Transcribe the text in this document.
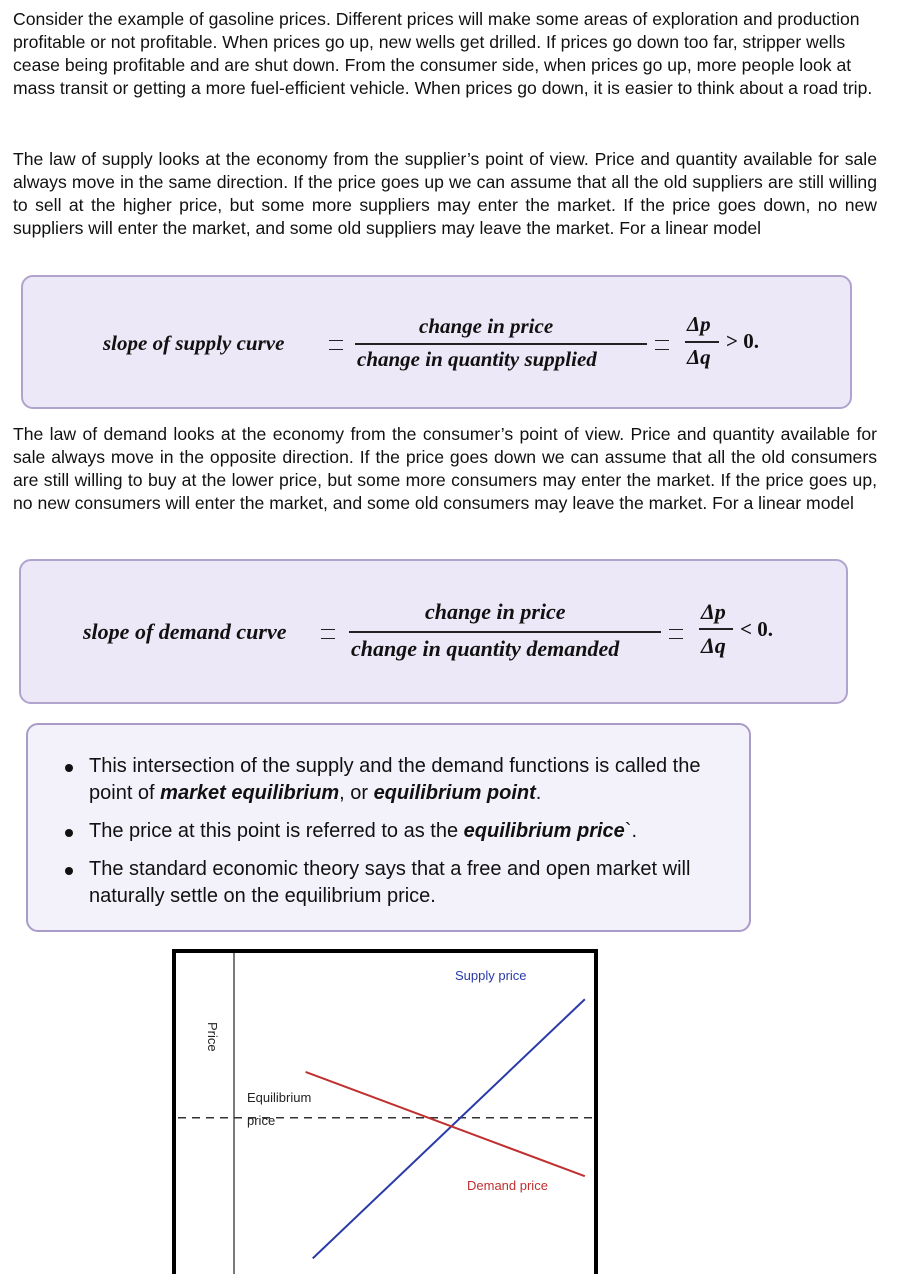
Consider the example of gasoline prices. Different prices will make some areas of exploration and production profitable or not profitable. When prices go up, new wells get drilled. If prices go down too far, stripper wells cease being profitable and are shut down. From the consumer side, when prices go up, more people look at mass transit or getting a more fuel-efficient vehicle. When prices go down, it is easier to think about a road trip.

The law of supply looks at the economy from the supplier’s point of view. Price and quantity available for sale always move in the same direction. If the price goes up we can assume that all the old suppliers are still willing to sell at the higher price, but some more suppliers may enter the market. If the price goes down, no new suppliers will enter the market, and some old suppliers may leave the market. For a linear model

slope of supply curve
change in price
change in quantity supplied
Δp
Δq
> 0.

The law of demand looks at the economy from the consumer’s point of view. Price and quantity available for sale always move in the opposite direction. If the price goes down we can assume that all the old consumers are still willing to buy at the lower price, but some more consumers may enter the market. If the price goes up, no new consumers will enter the market, and some old consumers may leave the market. For a linear model

slope of demand curve
change in price
change in quantity demanded
Δp
Δq
< 0.
This intersection of the supply and the demand functions is called the point of market equilibrium, or equilibrium point.
The price at this point is referred to as the equilibrium price`.
The standard economic theory says that a free and open market will naturally settle on the equilibrium price.
Price
Supply price
Demand price
Equilibrium
price
